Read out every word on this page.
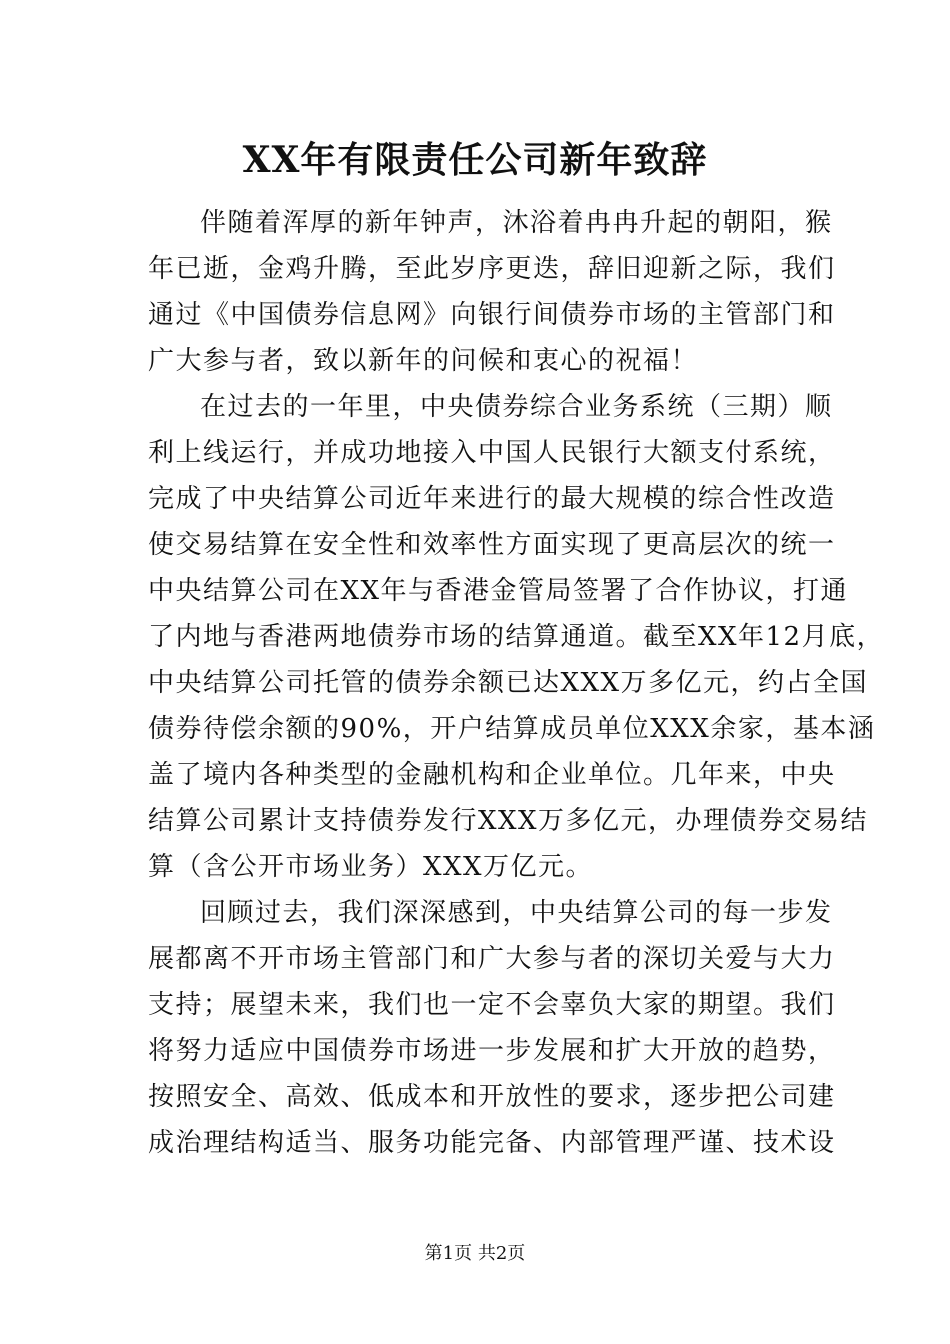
XX年有限责任公司新年致辞
伴随着浑厚的新年钟声，沐浴着冉冉升起的朝阳，猴
年已逝，金鸡升腾，至此岁序更迭，辞旧迎新之际，我们
通过《中国债券信息网》向银行间债券市场的主管部门和
广大参与者，致以新年的问候和衷心的祝福！
在过去的一年里，中央债券综合业务系统（三期）顺
利上线运行，并成功地接入中国人民银行大额支付系统，
完成了中央结算公司近年来进行的最大规模的综合性改造
使交易结算在安全性和效率性方面实现了更高层次的统一
中央结算公司在XX年与香港金管局签署了合作协议，打通
了内地与香港两地债券市场的结算通道。截至XX年12月底，
中央结算公司托管的债券余额已达XXX万多亿元，约占全国
债券待偿余额的90%，开户结算成员单位XXX余家，基本涵
盖了境内各种类型的金融机构和企业单位。几年来，中央
结算公司累计支持债券发行XXX万多亿元，办理债券交易结
算（含公开市场业务）XXX万亿元。
回顾过去，我们深深感到，中央结算公司的每一步发
展都离不开市场主管部门和广大参与者的深切关爱与大力
支持；展望未来，我们也一定不会辜负大家的期望。我们
将努力适应中国债券市场进一步发展和扩大开放的趋势，
按照安全、高效、低成本和开放性的要求，逐步把公司建
成治理结构适当、服务功能完备、内部管理严谨、技术设
第1页 共2页
